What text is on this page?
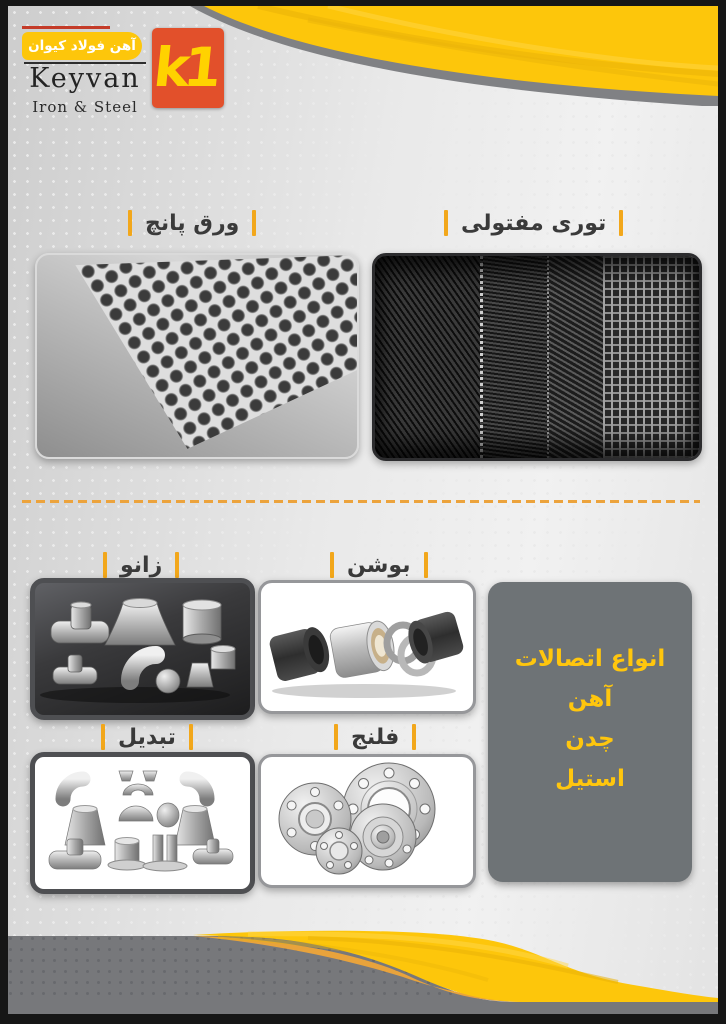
آهن فولاد کیوان
Keyvan
Iron & Steel
k1
ورق پانچ	توری مفتولی
زانو	بوشن
تبدیل	فلنج
انواع اتصالات
آهن
چدن
استیل
